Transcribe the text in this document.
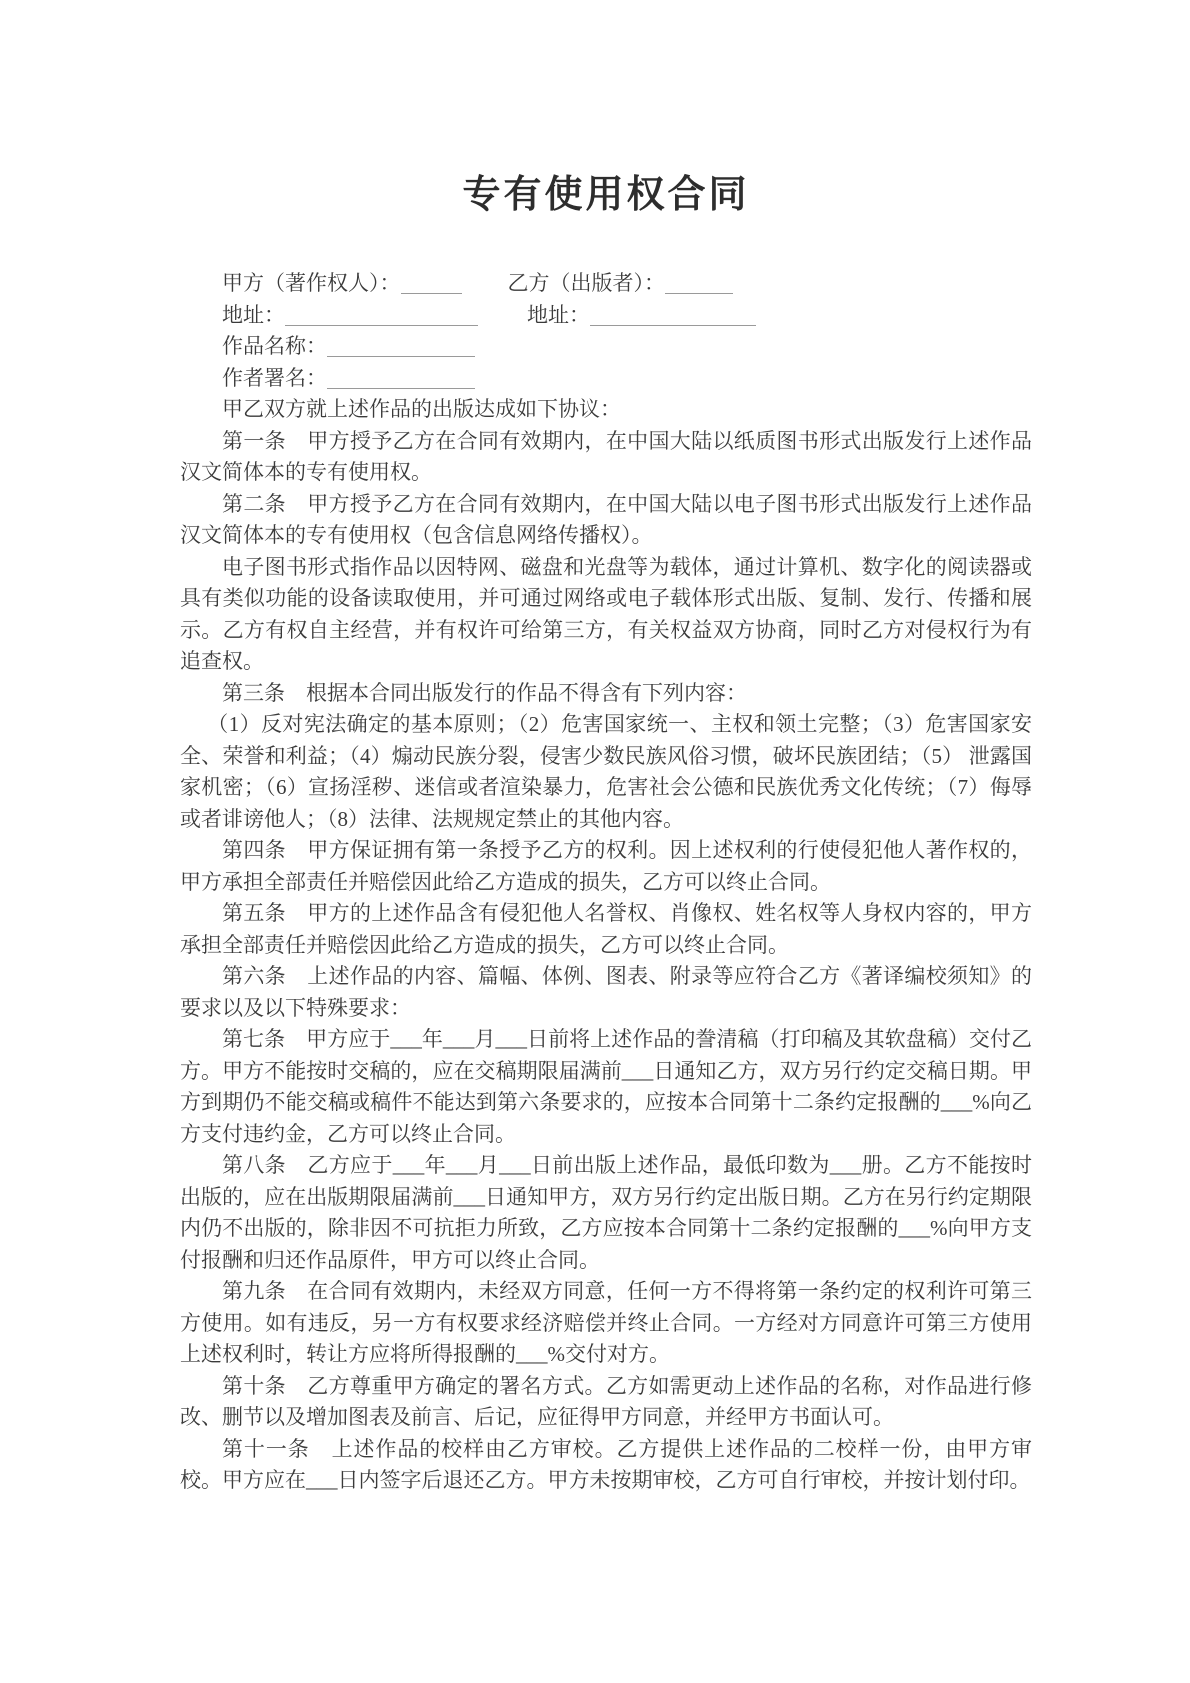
专有使用权合同

甲方（著作权人）：	乙方（出版者）：

地址：	地址：

作品名称：

作者署名：

甲乙双方就上述作品的出版达成如下协议：

第一条　甲方授予乙方在合同有效期内，在中国大陆以纸质图书形式出版发行上述作品汉文简体本的专有使用权。

第二条　甲方授予乙方在合同有效期内，在中国大陆以电子图书形式出版发行上述作品汉文简体本的专有使用权（包含信息网络传播权）。

电子图书形式指作品以因特网、磁盘和光盘等为载体，通过计算机、数字化的阅读器或具有类似功能的设备读取使用，并可通过网络或电子载体形式出版、复制、发行、传播和展示。乙方有权自主经营，并有权许可给第三方，有关权益双方协商，同时乙方对侵权行为有追查权。

第三条　根据本合同出版发行的作品不得含有下列内容：

（1）反对宪法确定的基本原则；（2）危害国家统一、主权和领土完整；（3）危害国家安全、荣誉和利益；（4）煽动民族分裂，侵害少数民族风俗习惯，破坏民族团结；（5） 泄露国家机密；（6）宣扬淫秽、迷信或者渲染暴力，危害社会公德和民族优秀文化传统；（7）侮辱或者诽谤他人；（8）法律、法规规定禁止的其他内容。

第四条　甲方保证拥有第一条授予乙方的权利。因上述权利的行使侵犯他人著作权的，甲方承担全部责任并赔偿因此给乙方造成的损失，乙方可以终止合同。

第五条　甲方的上述作品含有侵犯他人名誉权、肖像权、姓名权等人身权内容的，甲方承担全部责任并赔偿因此给乙方造成的损失，乙方可以终止合同。

第六条　上述作品的内容、篇幅、体例、图表、附录等应符合乙方《著译编校须知》的要求以及以下特殊要求：

第七条　甲方应于___年___月___日前将上述作品的誊清稿（打印稿及其软盘稿）交付乙方。甲方不能按时交稿的，应在交稿期限届满前___日通知乙方，双方另行约定交稿日期。甲方到期仍不能交稿或稿件不能达到第六条要求的，应按本合同第十二条约定报酬的___%向乙方支付违约金，乙方可以终止合同。

第八条　乙方应于___年___月___日前出版上述作品，最低印数为___册。乙方不能按时出版的，应在出版期限届满前___日通知甲方，双方另行约定出版日期。乙方在另行约定期限内仍不出版的，除非因不可抗拒力所致，乙方应按本合同第十二条约定报酬的___%向甲方支付报酬和归还作品原件，甲方可以终止合同。

第九条　在合同有效期内，未经双方同意，任何一方不得将第一条约定的权利许可第三方使用。如有违反，另一方有权要求经济赔偿并终止合同。一方经对方同意许可第三方使用上述权利时，转让方应将所得报酬的___%交付对方。

第十条　乙方尊重甲方确定的署名方式。乙方如需更动上述作品的名称，对作品进行修改、删节以及增加图表及前言、后记，应征得甲方同意，并经甲方书面认可。

第十一条　上述作品的校样由乙方审校。乙方提供上述作品的二校样一份，由甲方审校。甲方应在___日内签字后退还乙方。甲方未按期审校，乙方可自行审校，并按计划付印。
